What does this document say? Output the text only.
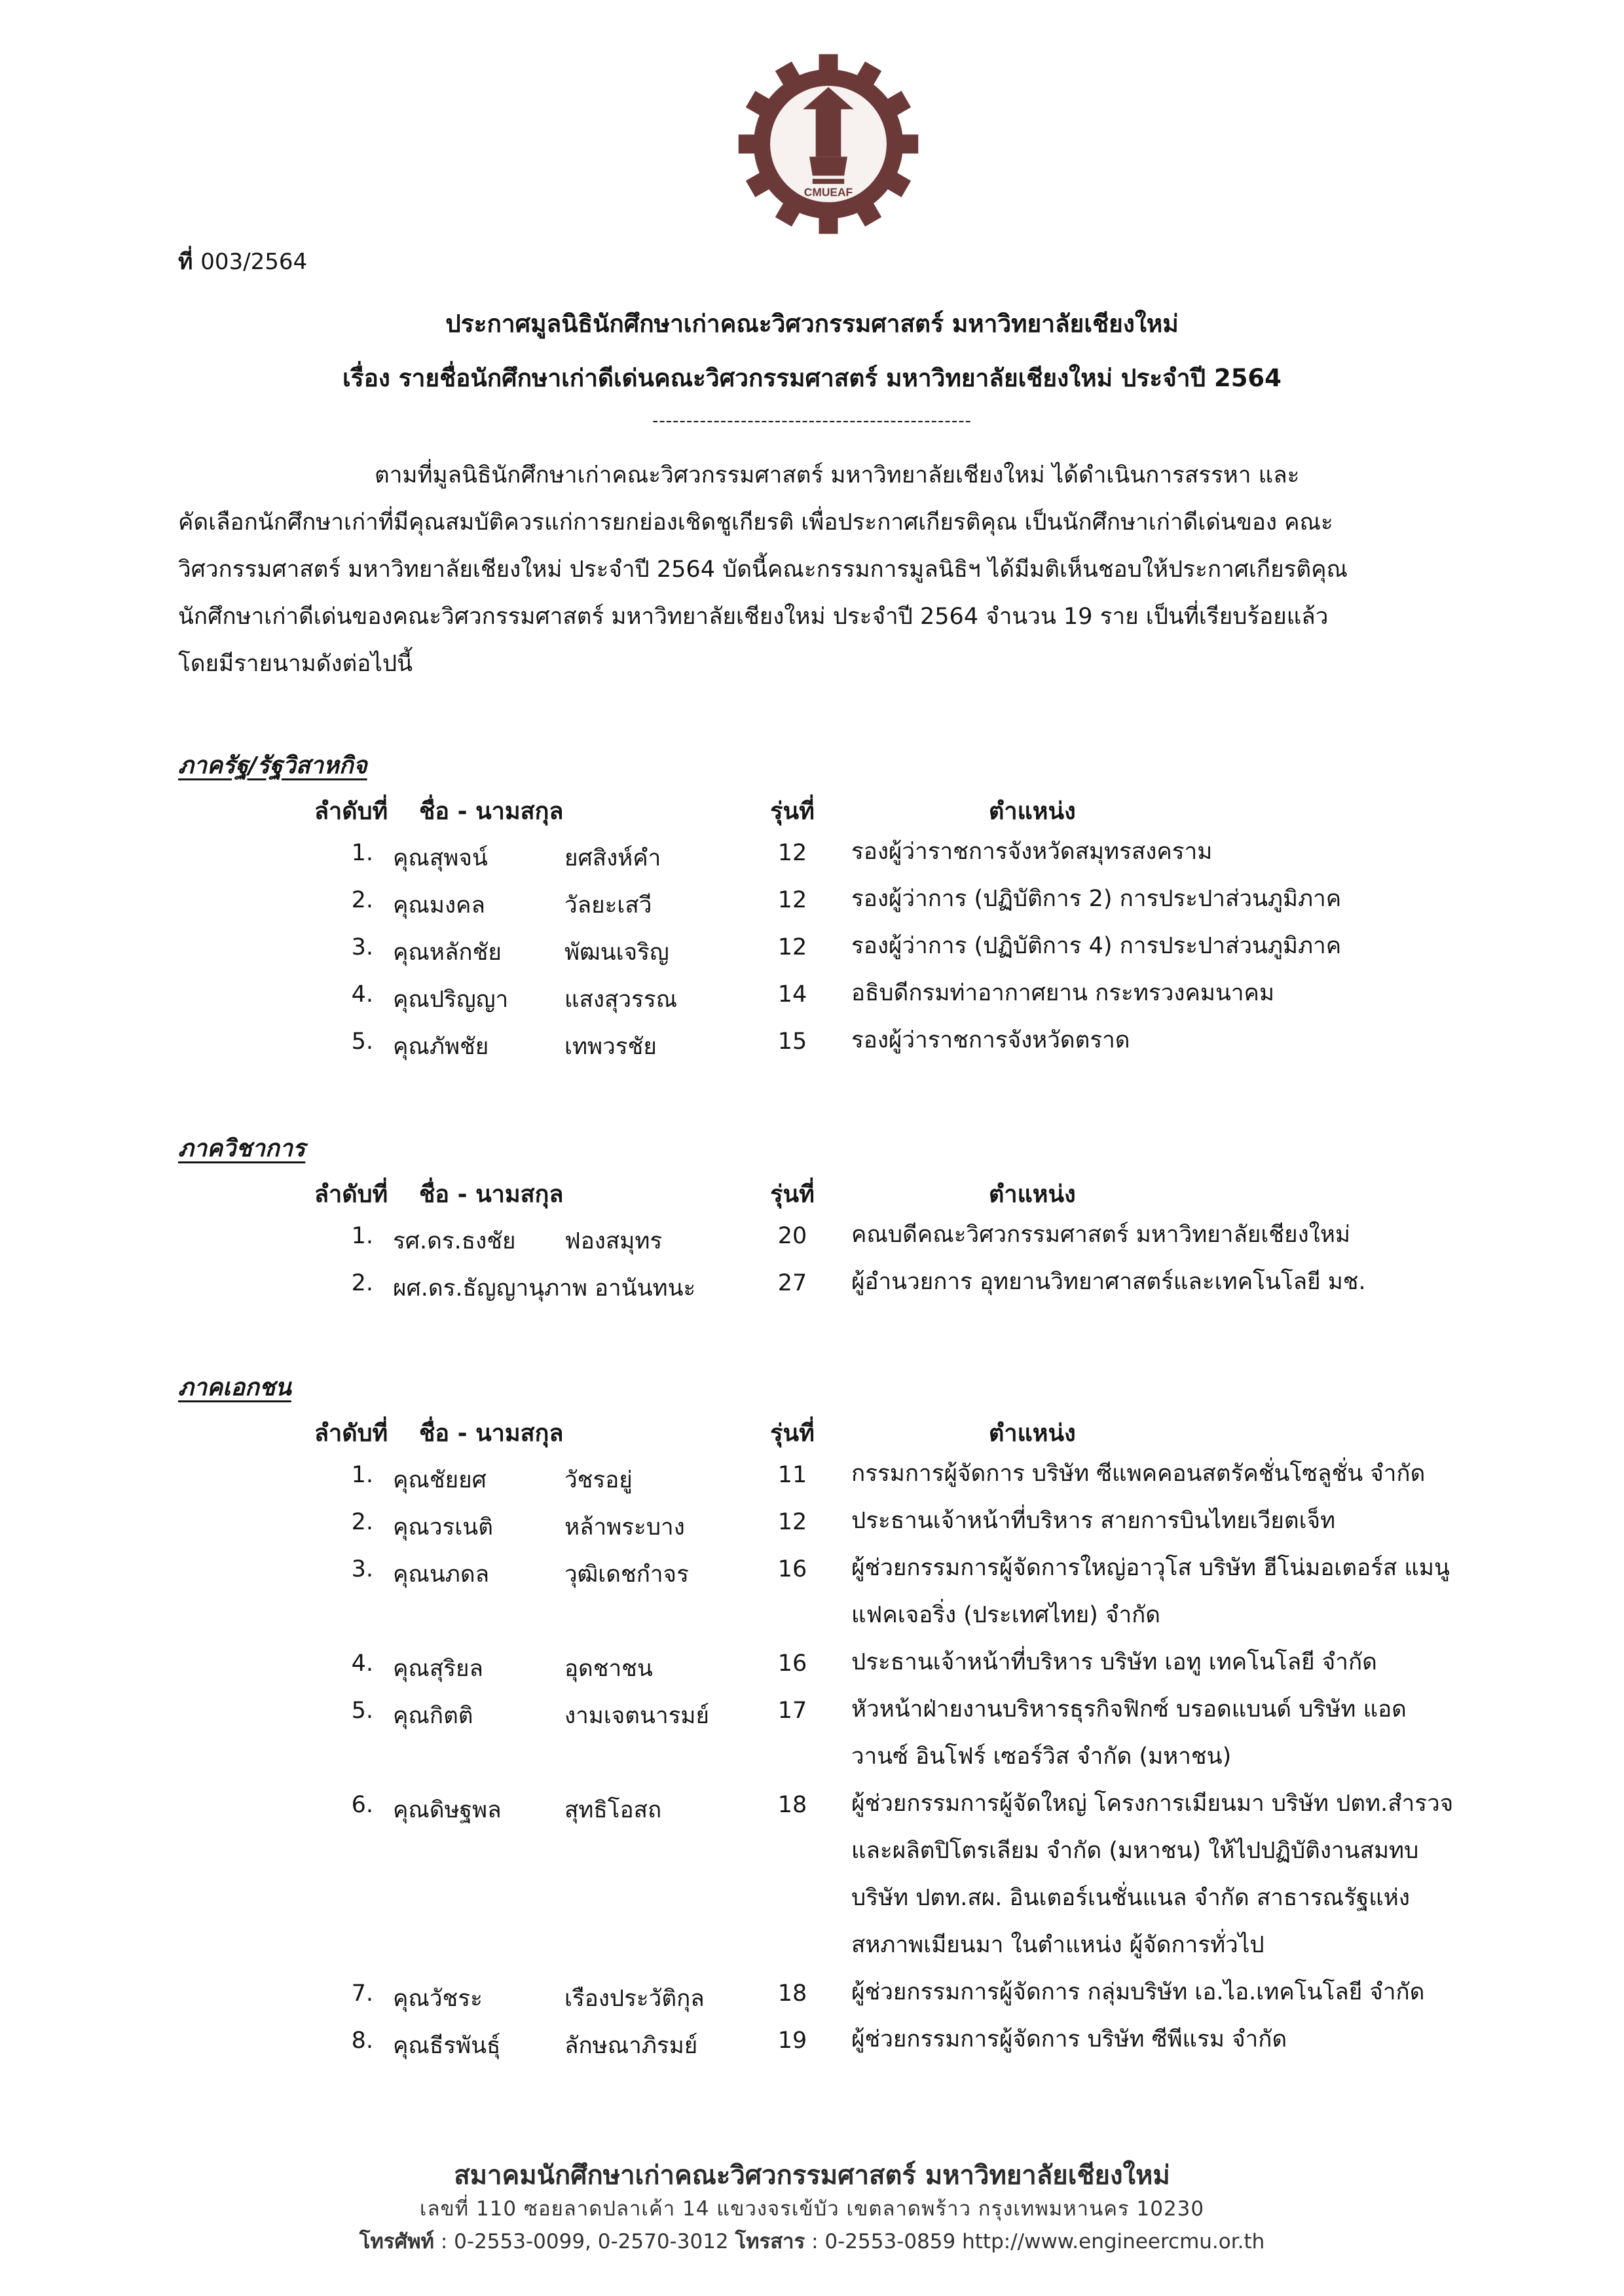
CMUEAF
ที่ 003/2564
ประกาศมูลนิธินักศึกษาเก่าคณะวิศวกรรมศาสตร์ มหาวิทยาลัยเชียงใหม่
เรื่อง รายชื่อนักศึกษาเก่าดีเด่นคณะวิศวกรรมศาสตร์ มหาวิทยาลัยเชียงใหม่ ประจำปี 2564
-----------------------------------------------
ตามที่มูลนิธินักศึกษาเก่าคณะวิศวกรรมศาสตร์ มหาวิทยาลัยเชียงใหม่ ได้ดำเนินการสรรหา และ
คัดเลือกนักศึกษาเก่าที่มีคุณสมบัติควรแก่การยกย่องเชิดชูเกียรติ เพื่อประกาศเกียรติคุณ เป็นนักศึกษาเก่าดีเด่นของ คณะ
วิศวกรรมศาสตร์ มหาวิทยาลัยเชียงใหม่ ประจำปี 2564 บัดนี้คณะกรรมการมูลนิธิฯ ได้มีมติเห็นชอบให้ประกาศเกียรติคุณ
นักศึกษาเก่าดีเด่นของคณะวิศวกรรมศาสตร์ มหาวิทยาลัยเชียงใหม่ ประจำปี 2564 จำนวน 19 ราย เป็นที่เรียบร้อยแล้ว
โดยมีรายนามดังต่อไปนี้
ภาครัฐ/รัฐวิสาหกิจ
ลำดับที่ ชื่อ - นามสกุล	รุ่นที่	ตำแหน่ง
1. คุณสุพจน์	ยศสิงห์คำ	12	รองผู้ว่าราชการจังหวัดสมุทรสงคราม
2. คุณมงคล	วัลยะเสวี	12	รองผู้ว่าการ (ปฏิบัติการ 2) การประปาส่วนภูมิภาค
3. คุณหลักชัย	พัฒนเจริญ	12	รองผู้ว่าการ (ปฏิบัติการ 4) การประปาส่วนภูมิภาค
4. คุณปริญญา แสงสุวรรณ	14	อธิบดีกรมท่าอากาศยาน กระทรวงคมนาคม
5. คุณภัพชัย	เทพวรชัย	15	รองผู้ว่าราชการจังหวัดตราด
ภาควิชาการ
ลำดับที่ ชื่อ - นามสกุล	รุ่นที่	ตำแหน่ง
1. รศ.ดร.ธงชัย ฟองสมุทร	20	คณบดีคณะวิศวกรรมศาสตร์ มหาวิทยาลัยเชียงใหม่
2. ผศ.ดร.ธัญญานุภาพ อานันทนะ	27	ผู้อำนวยการ อุทยานวิทยาศาสตร์และเทคโนโลยี มช.
ภาคเอกชน
ลำดับที่ ชื่อ - นามสกุล	รุ่นที่	ตำแหน่ง
1. คุณชัยยศ	วัชรอยู่	11	กรรมการผู้จัดการ บริษัท ซีแพคคอนสตรัคชั่นโซลูชั่น จำกัด
2. คุณวรเนติ	หล้าพระบาง	12	ประธานเจ้าหน้าที่บริหาร สายการบินไทยเวียตเจ็ท
3. คุณนภดล	วุฒิเดชกำจร	16	ผู้ช่วยกรรมการผู้จัดการใหญ่อาวุโส บริษัท ฮีโน่มอเตอร์ส แมนู
แฟคเจอริ่ง (ประเทศไทย) จำกัด
4. คุณสุริยล	อุดชาชน	16	ประธานเจ้าหน้าที่บริหาร บริษัท เอทู เทคโนโลยี จำกัด
5. คุณกิตติ	งามเจตนารมย์	17	หัวหน้าฝ่ายงานบริหารธุรกิจฟิกซ์ บรอดแบนด์ บริษัท แอด
วานซ์ อินโฟร์ เซอร์วิส จำกัด (มหาชน)
6. คุณดิษฐพล	สุทธิโอสถ	18	ผู้ช่วยกรรมการผู้จัดใหญ่ โครงการเมียนมา บริษัท ปตท.สำรวจ
และผลิตปิโตรเลียม จำกัด (มหาชน) ให้ไปปฏิบัติงานสมทบ
บริษัท ปตท.สผ. อินเตอร์เนชั่นแนล จำกัด สาธารณรัฐแห่ง
สหภาพเมียนมา ในตำแหน่ง ผู้จัดการทั่วไป
7. คุณวัชระ	เรืองประวัติกุล	18	ผู้ช่วยกรรมการผู้จัดการ กลุ่มบริษัท เอ.ไอ.เทคโนโลยี จำกัด
8. คุณธีรพันธุ์	ลักษณาภิรมย์	19	ผู้ช่วยกรรมการผู้จัดการ บริษัท ซีพีแรม จำกัด
สมาคมนักศึกษาเก่าคณะวิศวกรรมศาสตร์ มหาวิทยาลัยเชียงใหม่
เลขที่ 110 ซอยลาดปลาเค้า 14 แขวงจรเข้บัว เขตลาดพร้าว กรุงเทพมหานคร 10230
โทรศัพท์ : 0-2553-0099, 0-2570-3012 โทรสาร : 0-2553-0859 http://www.engineercmu.or.th
